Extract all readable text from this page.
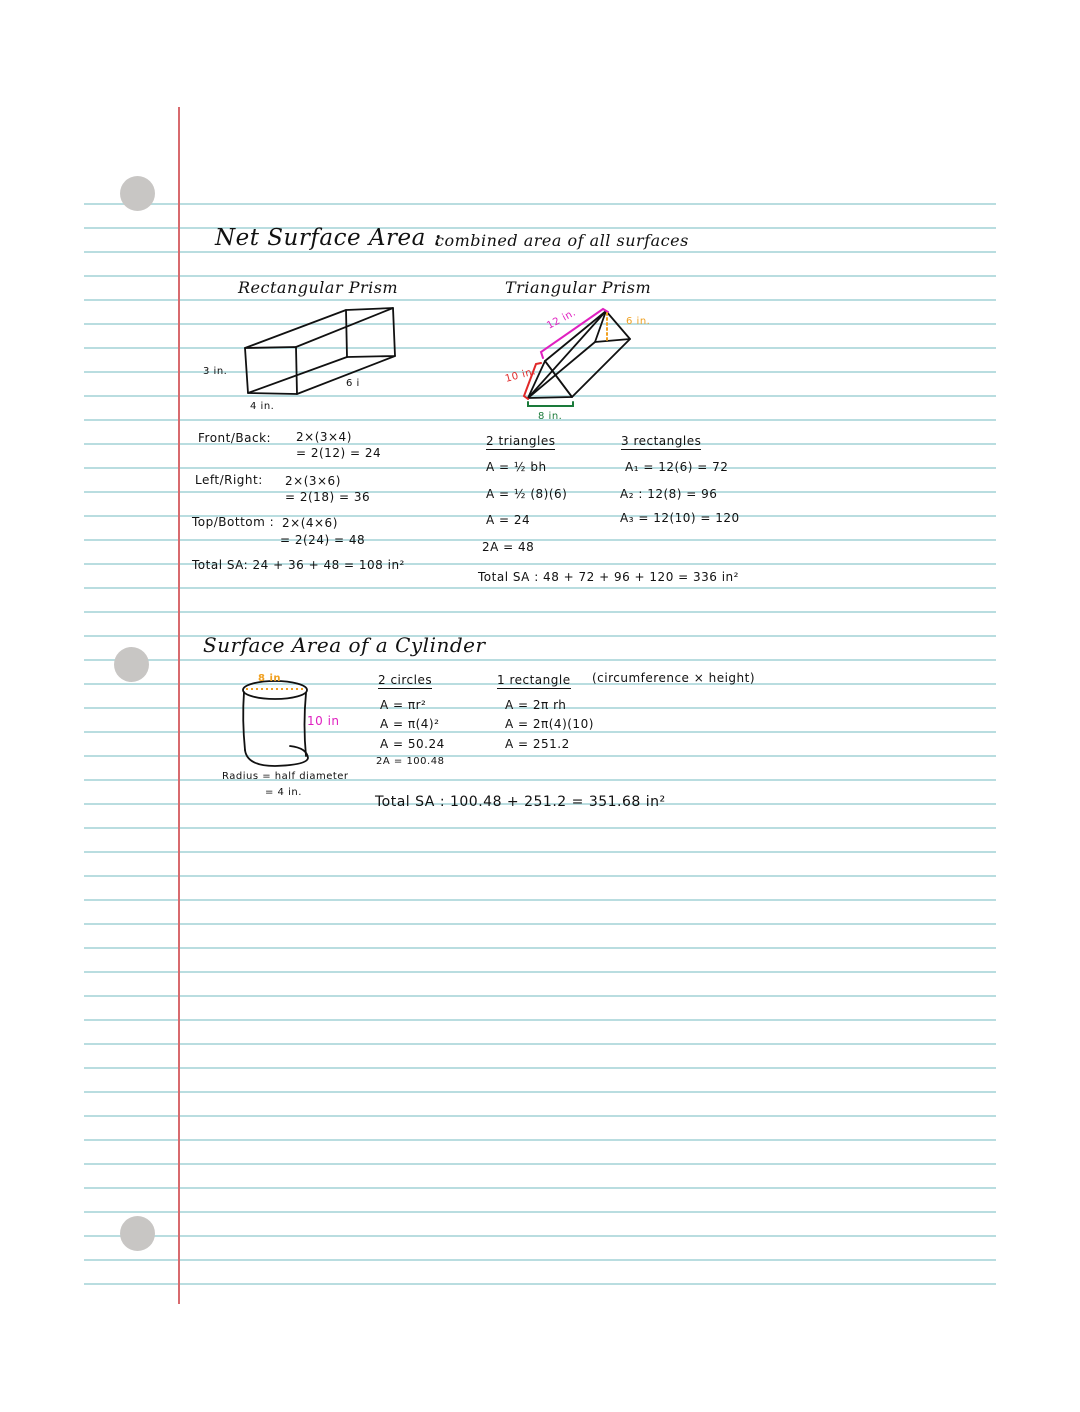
Net Surface Area :
combined area of all surfaces
Rectangular Prism
3 in.
4 in.
6 i
Front/Back: 2×(3×4)
= 2(12) = 24
Left/Right: 2×(3×6)
= 2(18) = 36
Top/Bottom : 2×(4×6)
= 2(24) = 48
Total SA: 24 + 36 + 48 = 108 in²
Triangular Prism
12 in.	6 in.
10 in.
8 in.
2 triangles
A = ½ bh
A = ½ (8)(6)
A = 24
2A = 48
3 rectangles
A₁ = 12(6) = 72
A₂ : 12(8) = 96
A₃ = 12(10) = 120
Total SA : 48 + 72 + 96 + 120 = 336 in²
Surface Area of a Cylinder
8 in
10 in
Radius = half diameter
= 4 in.
2 circles
A = πr²
A = π(4)²
A = 50.24
2A = 100.48
1 rectangle (circumference × height)
A = 2π rh
A = 2π(4)(10)
A = 251.2
Total SA : 100.48 + 251.2 = 351.68 in²
